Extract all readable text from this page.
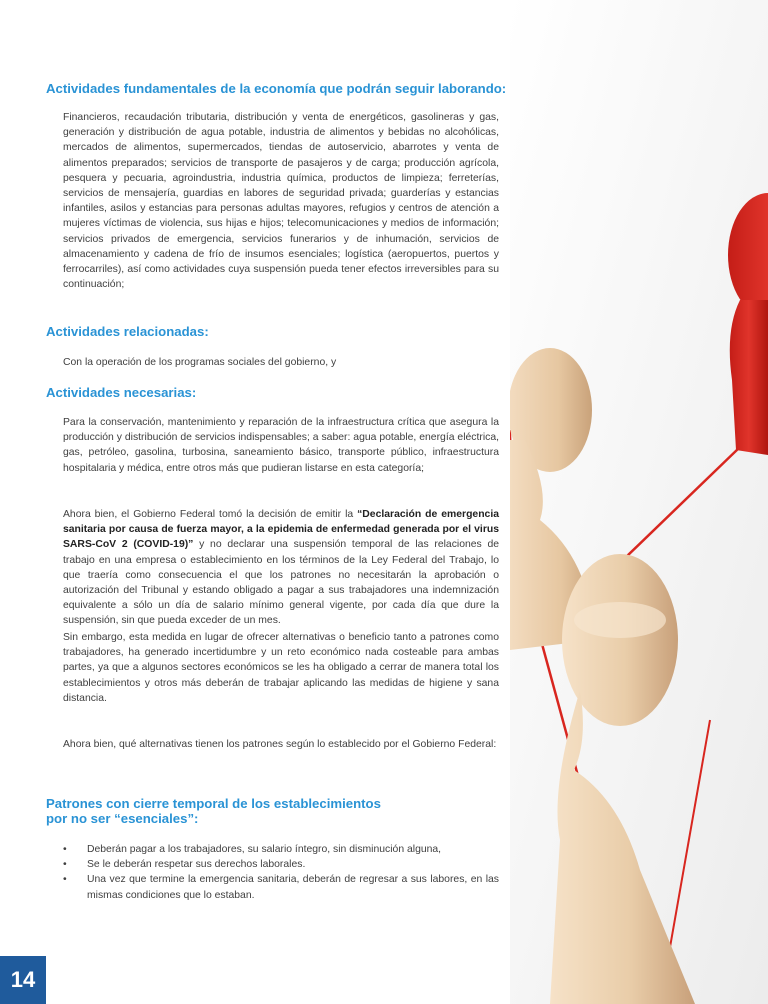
Actividades fundamentales de la economía que podrán seguir laborando:

Financieros, recaudación tributaria, distribución y venta de energéticos, gasolineras y gas, generación y distribución de agua potable, industria de alimentos y bebidas no alcohólicas, mercados de alimentos, supermercados, tiendas de autoservicio, abarrotes y venta de alimentos preparados; servicios de transporte de pasajeros y de carga; producción agrícola, pesquera y pecuaria, agroindustria, industria química, productos de limpieza; ferreterías, servicios de mensajería, guardias en labores de seguridad privada; guarderías y estancias infantiles, asilos y estancias para personas adultas mayores, refugios y centros de atención a mujeres víctimas de violencia, sus hijas e hijos; telecomunicaciones y medios de información; servicios privados de emergencia, servicios funerarios y de inhumación, servicios de almacenamiento y cadena de frío de insumos esenciales; logística (aeropuertos, puertos y ferrocarriles), así como actividades cuya suspensión pueda tener efectos irreversibles para su continuación;

Actividades relacionadas:

Con la operación de los programas sociales del gobierno, y

Actividades necesarias:

Para la conservación, mantenimiento y reparación de la infraestructura crítica que asegura la producción y distribución de servicios indispensables; a saber: agua potable, energía eléctrica, gas, petróleo, gasolina, turbosina, saneamiento básico, transporte público, infraestructura hospitalaria y médica, entre otros más que pudieran listarse en esta categoría;

Ahora bien, el Gobierno Federal tomó la decisión de emitir la “Declaración de emergencia sanitaria por causa de fuerza mayor, a la epidemia de enfermedad generada por el virus SARS-CoV 2 (COVID-19)” y no declarar una suspensión temporal de las relaciones de trabajo en una empresa o establecimiento en los términos de la Ley Federal del Trabajo, lo que traería como consecuencia el que los patrones no necesitarán la aprobación o autorización del Tribunal y estando obligado a pagar a sus trabajadores una indemnización equivalente a sólo un día de salario mínimo general vigente, por cada día que dure la suspensión, sin que pueda exceder de un mes.

Sin embargo, esta medida en lugar de ofrecer alternativas o beneficio tanto a patrones como trabajadores, ha generado incertidumbre y un reto económico nada costeable para ambas partes, ya que a algunos sectores económicos se les ha obligado a cerrar de manera total los establecimientos y otros más deberán de trabajar aplicando las medidas de higiene y sana distancia.

Ahora bien, qué alternativas tienen los patrones según lo establecido por el Gobierno Federal:

Patrones con cierre temporal de los establecimientos
por no ser “esenciales”:
• Deberán pagar a los trabajadores, su salario íntegro, sin disminución alguna,
• Se le deberán respetar sus derechos laborales.
• Una vez que termine la emergencia sanitaria, deberán de regresar a sus labores, en las mismas condiciones que lo estaban.
14
